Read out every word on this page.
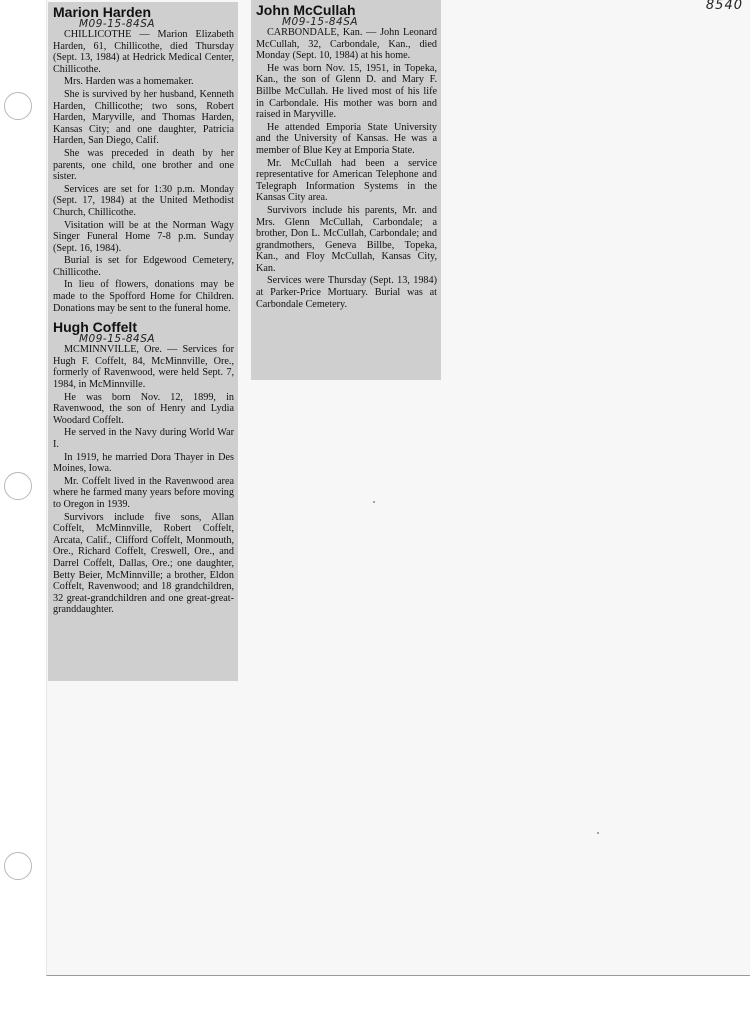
8540
Marion Harden
M09-15-84SA

CHILLICOTHE — Marion Elizabeth Harden, 61, Chillicothe, died Thursday (Sept. 13, 1984) at Hedrick Medical Center, Chillicothe.

Mrs. Harden was a homemaker.

She is survived by her husband, Kenneth Harden, Chillicothe; two sons, Robert Harden, Maryville, and Thomas Harden, Kansas City; and one daughter, Patricia Harden, San Diego, Calif.

She was preceded in death by her parents, one child, one brother and one sister.

Services are set for 1:30 p.m. Monday (Sept. 17, 1984) at the United Methodist Church, Chillicothe.

Visitation will be at the Norman Wagy Singer Funeral Home 7-8 p.m. Sunday (Sept. 16, 1984).

Burial is set for Edgewood Cemetery, Chillicothe.

In lieu of flowers, donations may be made to the Spofford Home for Children. Donations may be sent to the funeral home.

Hugh Coffelt
M09-15-84SA

MCMINNVILLE, Ore. — Services for Hugh F. Coffelt, 84, McMinnville, Ore., formerly of Ravenwood, were held Sept. 7, 1984, in McMinnville.

He was born Nov. 12, 1899, in Ravenwood, the son of Henry and Lydia Woodard Coffelt.

He served in the Navy during World War I.

In 1919, he married Dora Thayer in Des Moines, Iowa.

Mr. Coffelt lived in the Ravenwood area where he farmed many years before moving to Oregon in 1939.

Survivors include five sons, Allan Coffelt, McMinnville, Robert Coffelt, Arcata, Calif., Clifford Coffelt, Monmouth, Ore., Richard Coffelt, Creswell, Ore., and Darrel Coffelt, Dallas, Ore.; one daughter, Betty Beier, McMinnville; a brother, Eldon Coffelt, Ravenwood; and 18 grandchildren, 32 great-grandchildren and one great-great-granddaughter.

John McCullah
M09-15-84SA

CARBONDALE, Kan. — John Leonard McCullah, 32, Carbondale, Kan., died Monday (Sept. 10, 1984) at his home.

He was born Nov. 15, 1951, in Topeka, Kan., the son of Glenn D. and Mary F. Billbe McCullah. He lived most of his life in Carbondale. His mother was born and raised in Maryville.

He attended Emporia State University and the University of Kansas. He was a member of Blue Key at Emporia State.

Mr. McCullah had been a service representative for American Telephone and Telegraph Information Systems in the Kansas City area.

Survivors include his parents, Mr. and Mrs. Glenn McCullah, Carbondale; a brother, Don L. McCullah, Carbondale; and grandmothers, Geneva Billbe, Topeka, Kan., and Floy McCullah, Kansas City, Kan.

Services were Thursday (Sept. 13, 1984) at Parker-Price Mortuary. Burial was at Carbondale Cemetery.
